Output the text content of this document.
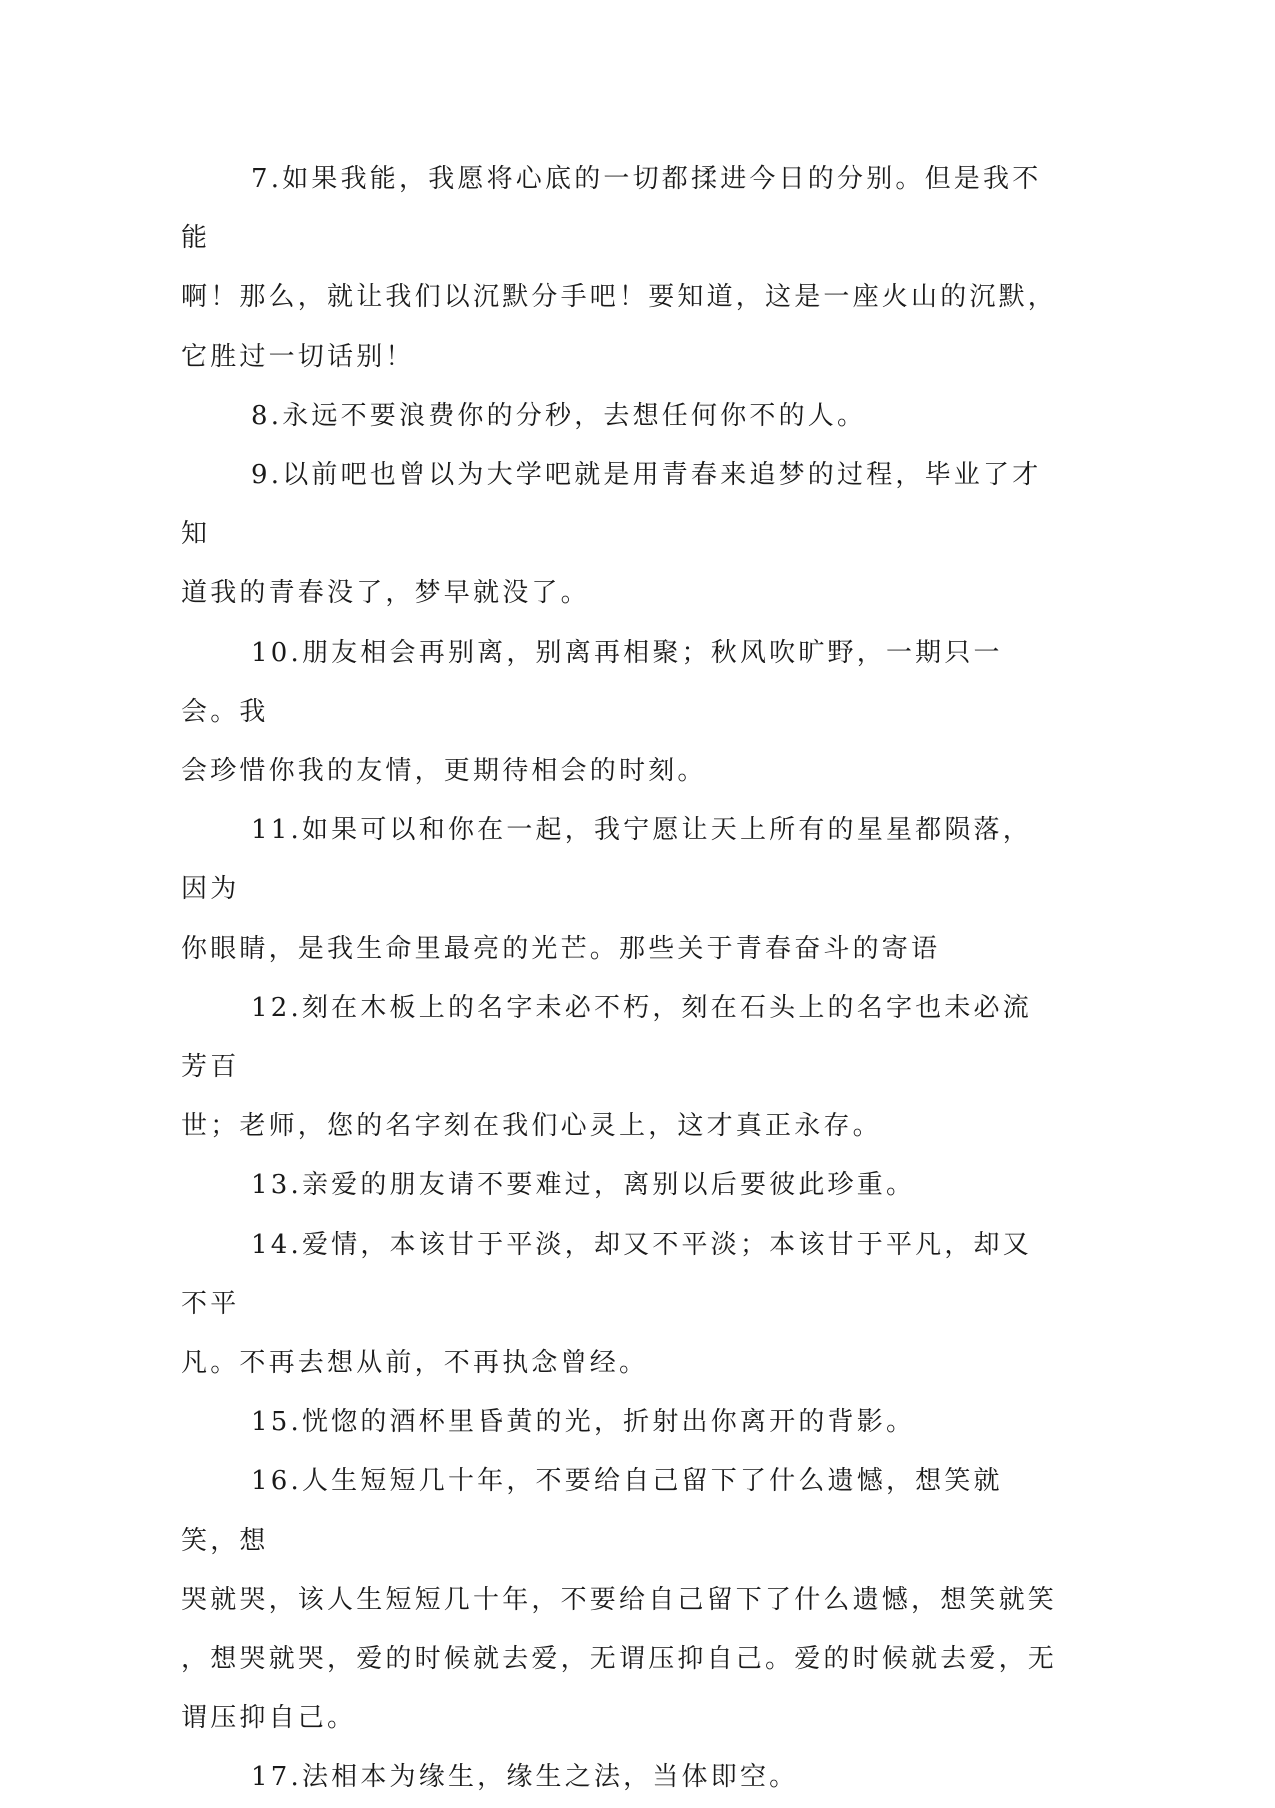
7.如果我能，我愿将心底的一切都揉进今日的分别。但是我不能

啊！那么，就让我们以沉默分手吧！要知道，这是一座火山的沉默，

它胜过一切话别！

8.永远不要浪费你的分秒，去想任何你不的人。

9.以前吧也曾以为大学吧就是用青春来追梦的过程，毕业了才知

道我的青春没了，梦早就没了。

10.朋友相会再别离，别离再相聚；秋风吹旷野，一期只一会。我

会珍惜你我的友情，更期待相会的时刻。

11.如果可以和你在一起，我宁愿让天上所有的星星都陨落，因为

你眼睛，是我生命里最亮的光芒。那些关于青春奋斗的寄语

12.刻在木板上的名字未必不朽，刻在石头上的名字也未必流芳百

世；老师，您的名字刻在我们心灵上，这才真正永存。

13.亲爱的朋友请不要难过，离别以后要彼此珍重。

14.爱情，本该甘于平淡，却又不平淡；本该甘于平凡，却又不平

凡。不再去想从前，不再执念曾经。

15.恍惚的酒杯里昏黄的光，折射出你离开的背影。

16.人生短短几十年，不要给自己留下了什么遗憾，想笑就笑，想

哭就哭，该人生短短几十年，不要给自己留下了什么遗憾，想笑就笑

，想哭就哭，爱的时候就去爱，无谓压抑自己。爱的时候就去爱，无

谓压抑自己。

17.法相本为缘生，缘生之法，当体即空。
